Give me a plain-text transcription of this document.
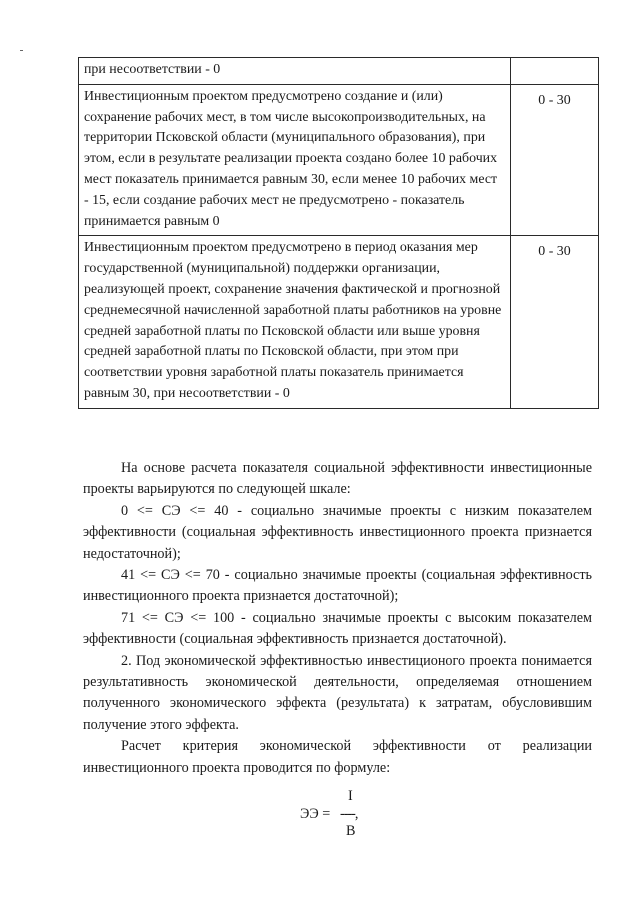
при несоответствии - 0	

Инвестиционным проектом предусмотрено создание и (или) сохранение рабочих мест, в том числе высокопроизводительных, на территории Псковской области (муниципального образования), при этом, если в результате реализации проекта создано более 10 рабочих мест показатель принимается равным 30, если менее 10 рабочих мест - 15, если создание рабочих мест не предусмотрено - показатель принимается равным 0	0 - 30

Инвестиционным проектом предусмотрено в период оказания мер государственной (муниципальной) поддержки организации, реализующей проект, сохранение значения фактической и прогнозной среднемесячной начисленной заработной платы работников на уровне средней заработной платы по Псковской области или выше уровня средней заработной платы по Псковской области, при этом при соответствии уровня заработной платы показатель принимается равным 30, при несоответствии - 0	0 - 30

На основе расчета показателя социальной эффективности инвестиционные проекты варьируются по следующей шкале:

0 <= СЭ <= 40 - социально значимые проекты с низким показателем эффективности (социальная эффективность инвестиционного проекта признается недостаточной);

41 <= СЭ <= 70 - социально значимые проекты (социальная эффективность инвестиционного проекта признается достаточной);

71 <= СЭ <= 100 - социально значимые проекты с высоким показателем эффективности (социальная эффективность признается достаточной).

2. Под экономической эффективностью инвестиционого проекта понимается результативность экономической деятельности, определяемая отношением полученного экономического эффекта (результата) к затратам, обусловившим получение этого эффекта.

Расчет критерия экономической эффективности от реализации инвестиционного проекта проводится по формуле:

ЭЭ =
I
----,
B
